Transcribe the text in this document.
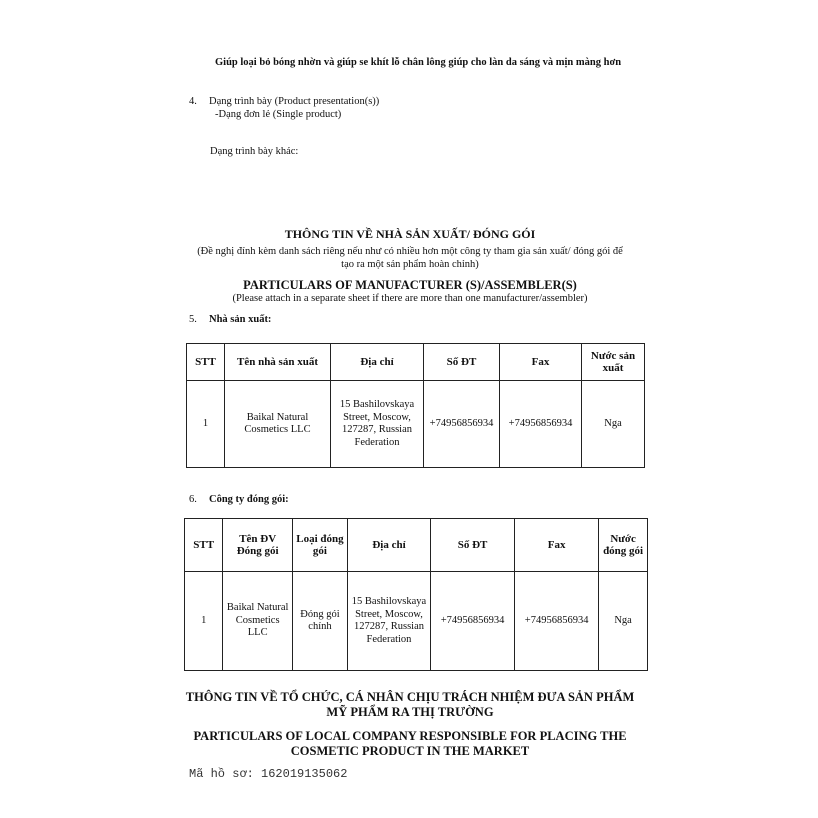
Giúp loại bỏ bóng nhờn và giúp se khít lỗ chân lông giúp cho làn da sáng và mịn màng hơn
4. Dạng trình bày (Product presentation(s))
-Dạng đơn lẻ (Single product)
Dạng trình bày khác:
THÔNG TIN VỀ NHÀ SẢN XUẤT/ ĐÓNG GÓI
(Đề nghị đính kèm danh sách riêng nếu như có nhiều hơn một công ty tham gia sản xuất/ đóng gói để tạo ra một sản phẩm hoàn chỉnh)
PARTICULARS OF MANUFACTURER (S)/ASSEMBLER(S)
(Please attach in a separate sheet if there are more than one manufacturer/assembler)
5. Nhà sản xuất:
STT	Tên nhà sản xuất	Địa chỉ	Số ĐT	Fax	Nước sản xuất
1	Baikal Natural Cosmetics LLC	15 Bashilovskaya Street, Moscow, 127287, Russian Federation	+74956856934	+74956856934	Nga
6. Công ty đóng gói:
STT	Tên ĐV Đóng gói	Loại đóng gói	Địa chỉ	Số ĐT	Fax	Nước đóng gói
1	Baikal Natural Cosmetics LLC	Đóng gói chính	15 Bashilovskaya Street, Moscow, 127287, Russian Federation	+74956856934	+74956856934	Nga
THÔNG TIN VỀ TỔ CHỨC, CÁ NHÂN CHỊU TRÁCH NHIỆM ĐƯA SẢN PHẨM MỸ PHẨM RA THỊ TRƯỜNG
PARTICULARS OF LOCAL COMPANY RESPONSIBLE FOR PLACING THE COSMETIC PRODUCT IN THE MARKET
Mã hồ sơ: 162019135062
